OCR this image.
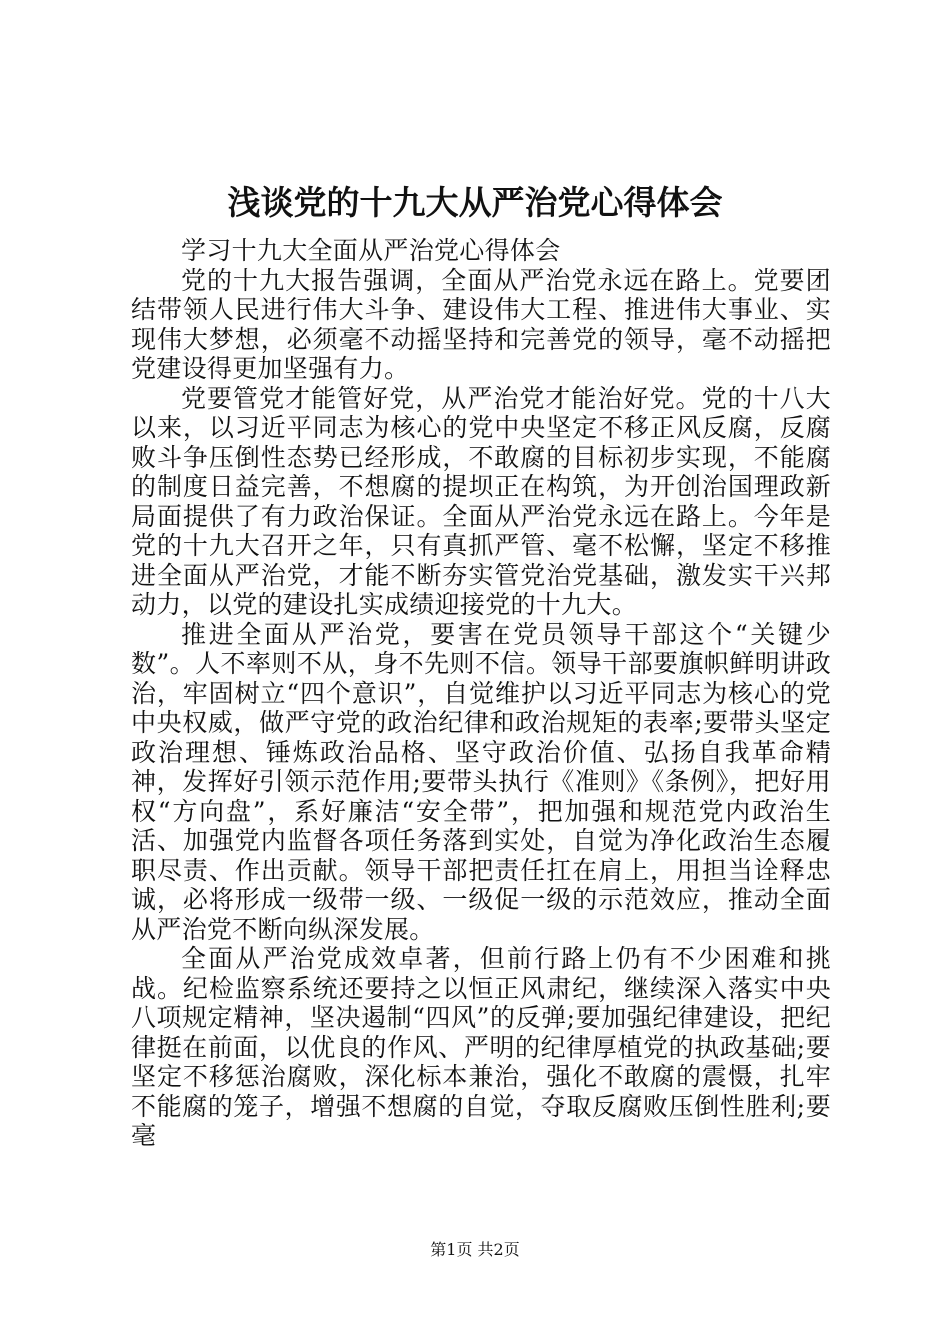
浅谈党的十九大从严治党心得体会

学习十九大全面从严治党心得体会

党的十九大报告强调，全面从严治党永远在路上。党要团结带领人民进行伟大斗争、建设伟大工程、推进伟大事业、实现伟大梦想，必须毫不动摇坚持和完善党的领导，毫不动摇把党建设得更加坚强有力。

党要管党才能管好党，从严治党才能治好党。党的十八大以来，以习近平同志为核心的党中央坚定不移正风反腐，反腐败斗争压倒性态势已经形成，不敢腐的目标初步实现，不能腐的制度日益完善，不想腐的提坝正在构筑，为开创治国理政新局面提供了有力政治保证。全面从严治党永远在路上。今年是党的十九大召开之年，只有真抓严管、毫不松懈，坚定不移推进全面从严治党，才能不断夯实管党治党基础，激发实干兴邦动力，以党的建设扎实成绩迎接党的十九大。

推进全面从严治党，要害在党员领导干部这个“关键少数”。人不率则不从，身不先则不信。领导干部要旗帜鲜明讲政治，牢固树立“四个意识”，自觉维护以习近平同志为核心的党中央权威，做严守党的政治纪律和政治规矩的表率;要带头坚定政治理想、锤炼政治品格、坚守政治价值、弘扬自我革命精神，发挥好引领示范作用;要带头执行《准则》《条例》，把好用权“方向盘”，系好廉洁“安全带”，把加强和规范党内政治生活、加强党内监督各项任务落到实处，自觉为净化政治生态履职尽责、作出贡献。领导干部把责任扛在肩上，用担当诠释忠诚，必将形成一级带一级、一级促一级的示范效应，推动全面从严治党不断向纵深发展。

全面从严治党成效卓著，但前行路上仍有不少困难和挑战。纪检监察系统还要持之以恒正风肃纪，继续深入落实中央八项规定精神，坚决遏制“四风”的反弹;要加强纪律建设，把纪律挺在前面，以优良的作风、严明的纪律厚植党的执政基础;要坚定不移惩治腐败，深化标本兼治，强化不敢腐的震慑，扎牢不能腐的笼子，增强不想腐的自觉，夺取反腐败压倒性胜利;要毫

第1页 共2页
